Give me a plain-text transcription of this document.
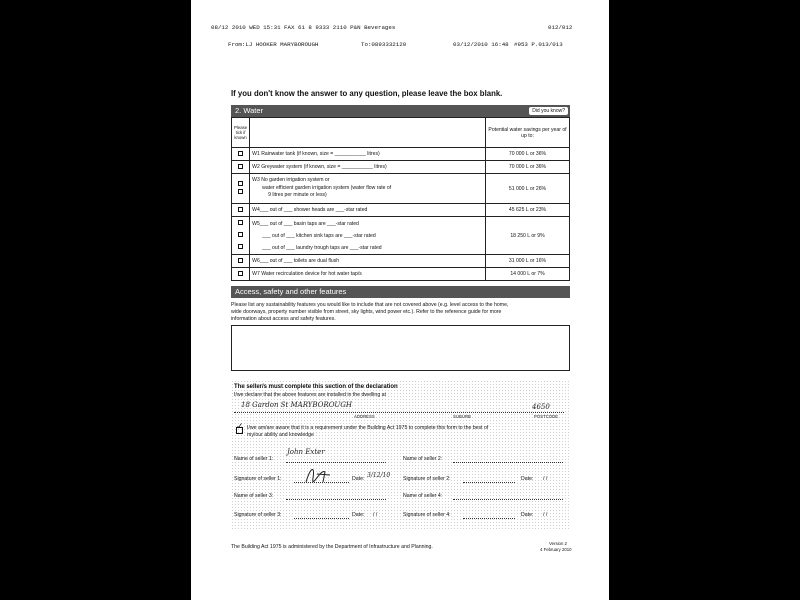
08/12 2010 WED 15:31 FAX 61 8 9333 2110 P&N Beverages	012/012
From:LJ HOOKER MARYBOROUGH	To:0893332120	03/12/2010 16:48 #953 P.013/013
If you don't know the answer to any question, please leave the box blank.
2. Water	Did you know?
Please tick if known		Potential water savings per year of up to:
	W1 Rainwater tank (if known, size = ___________ litres)	70 000 L or 36%
	W2 Greywater system (if known, size = ___________ litres)	70 000 L or 36%

	W3 No garden irrigation system or
water efficient garden irrigation system (water flow rate of
9 litres per minute or less)	51 000 L or 26%
	W4___ out of ___ shower heads are ___-star rated	45 625 L or 23%

	W5___ out of ___ basin taps are ___-star rated
___ out of ___ kitchen sink taps are ___-star rated
___ out of ___ laundry trough taps are ___-star rated	18 250 L or 9%
	W6___ out of ___ toilets are dual flush	31 000 L or 16%
	W7 Water recirculation device for hot water tap/s	14 000 L or 7%
Access, safety and other features
Please list any sustainability features you would like to include that are not covered above (e.g. level access to the home,
wide doorways, property number visible from street, sky lights, wind power etc.). Refer to the reference guide for more
information about access and safety features.
The seller/s must complete this section of the declaration
I/we declare that the above features are installed in the dwelling at
18 Gardon St MARYBOROUGH	4650
ADDRESS	SUBURB	POSTCODE
✓ I/we am/are aware that it is a requirement under the Building Act 1975 to complete this form to the best of
my/our ability and knowledge
Name of seller 1:
John Exter
Name of seller 2:
Signature of seller 1:	Date: 3/12/10 Signature of seller 2:	Date: / /
Name of seller 3:	Name of seller 4:
Signature of seller 3:	Date: / /	Signature of seller 4:	Date: / /
The Building Act 1975 is administered by the Department of Infrastructure and Planning.
Version 2
4 February 2010
